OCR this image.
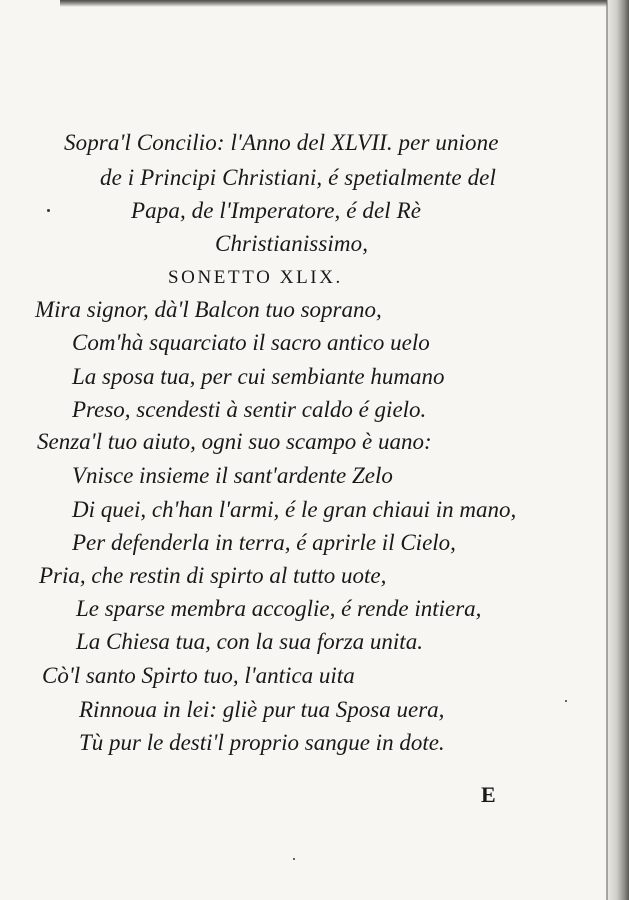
Sopra'l Concilio: l'Anno del XLVII. per unione
de i Principi Christiani, é spetialmente del
Papa, de l'Imperatore, é del Rè
Christianissimo,
SONETTO XLIX.
Mira signor, dà'l Balcon tuo soprano,
Com'hà squarciato il sacro antico uelo
La sposa tua, per cui sembiante humano
Preso, scendesti à sentir caldo é gielo.
Senza'l tuo aiuto, ogni suo scampo è uano:
Vnisce insieme il sant'ardente Zelo
Di quei, ch'han l'armi, é le gran chiaui in mano,
Per defenderla in terra, é aprirle il Cielo,
Pria, che restin di spirto al tutto uote,
Le sparse membra accoglie, é rende intiera,
La Chiesa tua, con la sua forza unita.
Cò'l santo Spirto tuo, l'antica uita
Rinnoua in lei: gliè pur tua Sposa uera,
Tù pur le desti'l proprio sangue in dote.
E
